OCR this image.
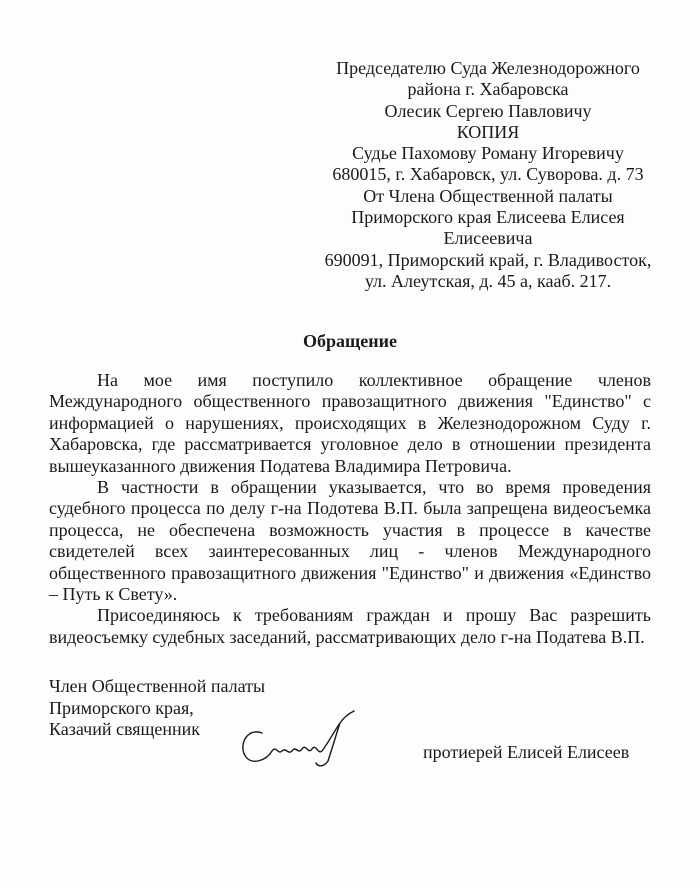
Председателю Суда Железнодорожного
района г. Хабаровска
Олесик Сергею Павловичу
КОПИЯ
Судье Пахомову Роману Игоревичу
680015, г. Хабаровск, ул. Суворова. д. 73
От Члена Общественной палаты
Приморского края Елисеева Елисея
Елисеевича
690091, Приморский край, г. Владивосток,
ул. Алеутская, д. 45 а, кааб. 217.
Обращение

На мое имя поступило коллективное обращение членов Международного общественного правозащитного движения "Единство" с информацией о нарушениях, происходящих в Железнодорожном Суду г. Хабаровска, где рассматривается уголовное дело в отношении президента вышеуказанного движения Податева Владимира Петровича.

В частности в обращении указывается, что во время проведения судебного процесса по делу г-на Подотева В.П. была запрещена видеосъемка процесса, не обеспечена возможность участия в процессе в качестве свидетелей всех заинтересованных лиц - членов Международного общественного правозащитного движения "Единство" и движения «Единство – Путь к Свету».

Присоединяюсь к требованиям граждан и прошу Вас разрешить видеосъемку судебных заседаний, рассматривающих дело г-на Податева В.П.

Член Общественной палаты
Приморского края,
Казачий священник
протиерей Елисей Елисеев
